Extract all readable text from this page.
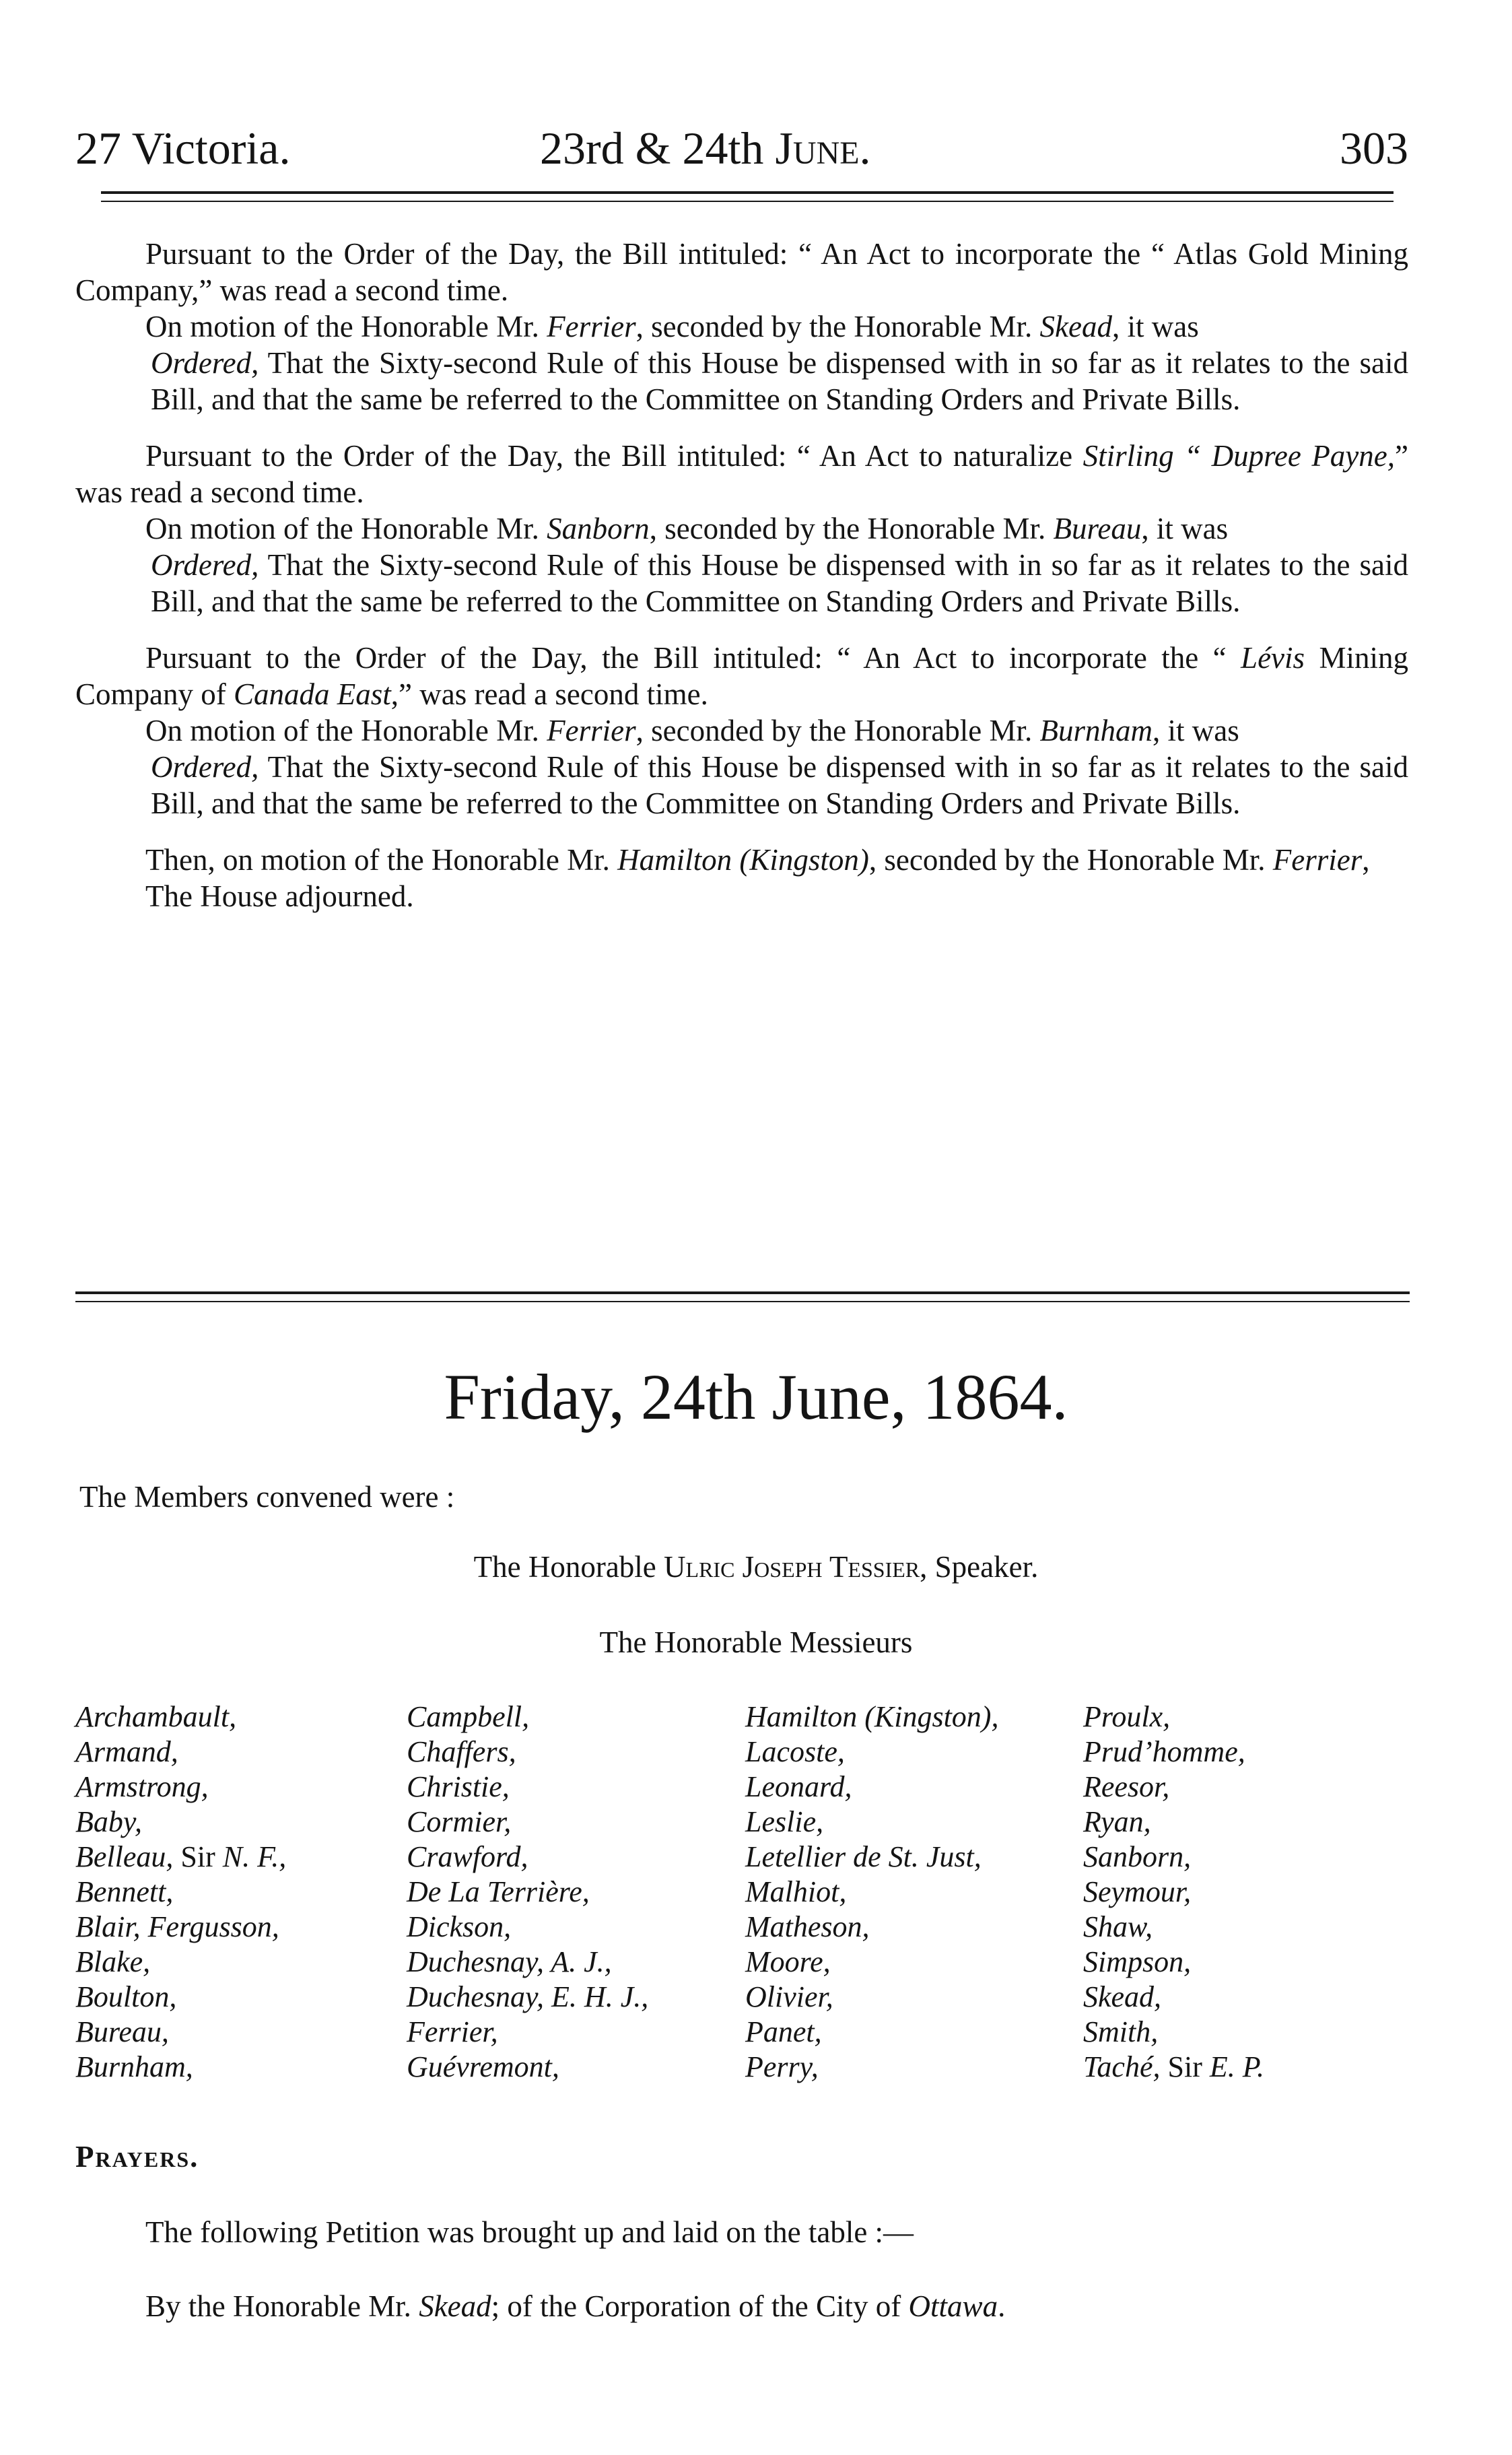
27 Victoria.	23rd & 24th June.	303

Pursuant to the Order of the Day, the Bill intituled: “ An Act to incorporate the “ Atlas Gold Mining Company,” was read a second time.

On motion of the Honorable Mr. Ferrier, seconded by the Honorable Mr. Skead, it was

Ordered, That the Sixty-second Rule of this House be dispensed with in so far as it relates to the said Bill, and that the same be referred to the Committee on Standing Orders and Private Bills.

Pursuant to the Order of the Day, the Bill intituled: “ An Act to naturalize Stirling “ Dupree Payne,” was read a second time.

On motion of the Honorable Mr. Sanborn, seconded by the Honorable Mr. Bureau, it was

Ordered, That the Sixty-second Rule of this House be dispensed with in so far as it relates to the said Bill, and that the same be referred to the Committee on Standing Orders and Private Bills.

Pursuant to the Order of the Day, the Bill intituled: “ An Act to incorporate the “ Lévis Mining Company of Canada East,” was read a second time.

On motion of the Honorable Mr. Ferrier, seconded by the Honorable Mr. Burnham, it was

Ordered, That the Sixty-second Rule of this House be dispensed with in so far as it relates to the said Bill, and that the same be referred to the Committee on Standing Orders and Private Bills.

Then, on motion of the Honorable Mr. Hamilton (Kingston), seconded by the Honorable Mr. Ferrier,

The House adjourned.

Friday, 24th June, 1864.
The Members convened were :
The Honorable Ulric Joseph Tessier, Speaker.
The Honorable Messieurs
Archambault,
Armand,
Armstrong,
Baby,
Belleau, Sir N. F.,
Bennett,
Blair, Fergusson,
Blake,
Boulton,
Bureau,
Burnham,
Campbell,
Chaffers,
Christie,
Cormier,
Crawford,
De La Terrière,
Dickson,
Duchesnay, A. J.,
Duchesnay, E. H. J.,
Ferrier,
Guévremont,
Hamilton (Kingston),
Lacoste,
Leonard,
Leslie,
Letellier de St. Just,
Malhiot,
Matheson,
Moore,
Olivier,
Panet,
Perry,
Proulx,
Prud’homme,
Reesor,
Ryan,
Sanborn,
Seymour,
Shaw,
Simpson,
Skead,
Smith,
Taché, Sir E. P.
Prayers.
The following Petition was brought up and laid on the table :—
By the Honorable Mr. Skead; of the Corporation of the City of Ottawa.
